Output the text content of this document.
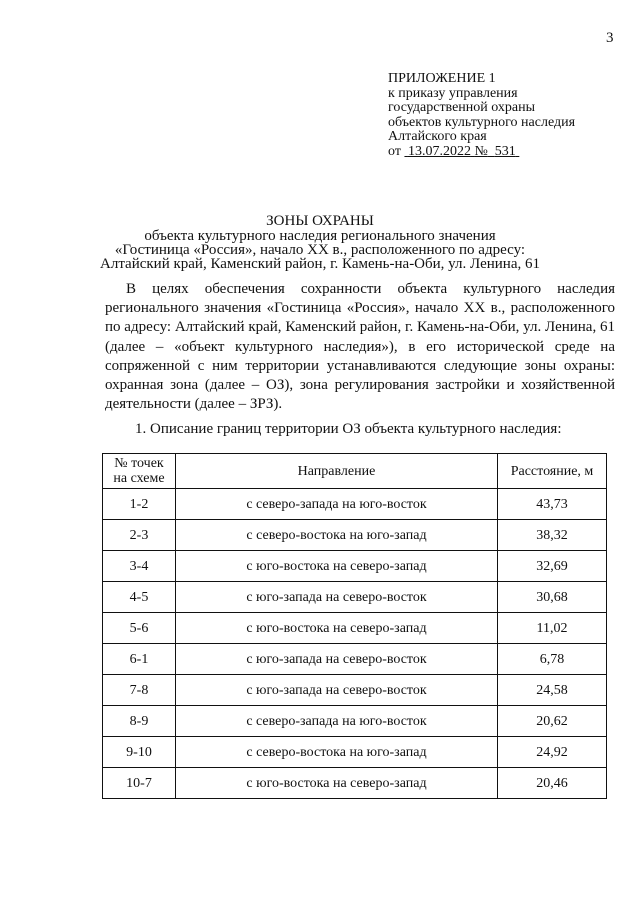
3
ПРИЛОЖЕНИЕ 1
к приказу управления
государственной охраны
объектов культурного наследия
Алтайского края
от 13.07.2022 № 531
ЗОНЫ ОХРАНЫ
объекта культурного наследия регионального значения
«Гостиница «Россия», начало XX в., расположенного по адресу:
Алтайский край, Каменский район, г. Камень-на-Оби, ул. Ленина, 61
В целях обеспечения сохранности объекта культурного наследия
регионального значения «Гостиница «Россия», начало XX в., расположенного
по адресу: Алтайский край, Каменский район, г. Камень-на-Оби, ул. Ленина, 61
(далее – «объект культурного наследия»), в его исторической среде на
сопряженной с ним территории устанавливаются следующие зоны охраны:
охранная зона (далее – ОЗ), зона регулирования застройки и хозяйственной
деятельности (далее – ЗРЗ).
1. Описание границ территории ОЗ объекта культурного наследия:
№ точек
на схеме	Направление	Расстояние, м
1-2	с северо-запада на юго-восток	43,73
2-3	с северо-востока на юго-запад	38,32
3-4	с юго-востока на северо-запад	32,69
4-5	с юго-запада на северо-восток	30,68
5-6	с юго-востока на северо-запад	11,02
6-1	с юго-запада на северо-восток	6,78
7-8	с юго-запада на северо-восток	24,58
8-9	с северо-запада на юго-восток	20,62
9-10	с северо-востока на юго-запад	24,92
10-7	с юго-востока на северо-запад	20,46
